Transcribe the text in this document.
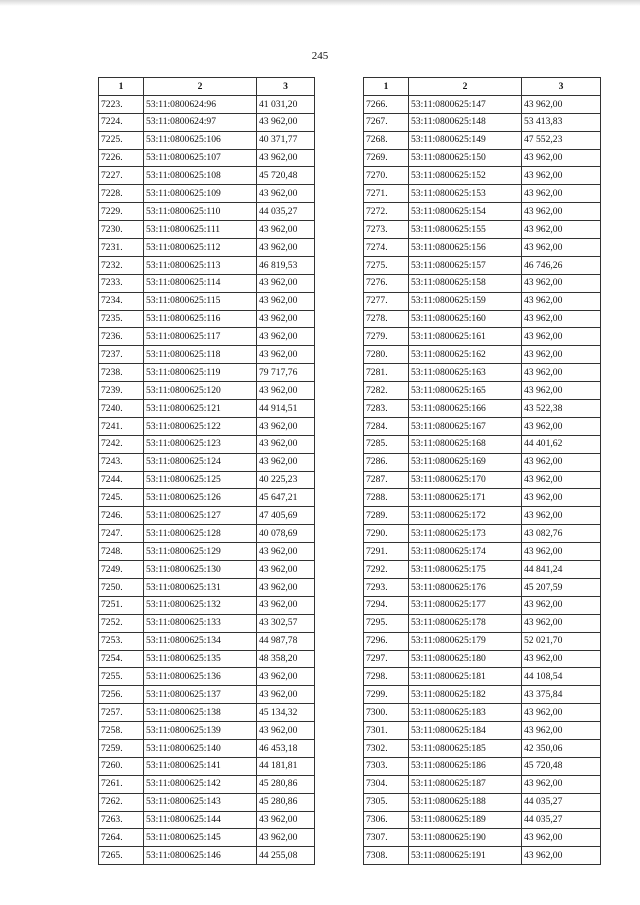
245
1	2	3
7223.	53:11:0800624:96	41 031,20
7224.	53:11:0800624:97	43 962,00
7225.	53:11:0800625:106	40 371,77
7226.	53:11:0800625:107	43 962,00
7227.	53:11:0800625:108	45 720,48
7228.	53:11:0800625:109	43 962,00
7229.	53:11:0800625:110	44 035,27
7230.	53:11:0800625:111	43 962,00
7231.	53:11:0800625:112	43 962,00
7232.	53:11:0800625:113	46 819,53
7233.	53:11:0800625:114	43 962,00
7234.	53:11:0800625:115	43 962,00
7235.	53:11:0800625:116	43 962,00
7236.	53:11:0800625:117	43 962,00
7237.	53:11:0800625:118	43 962,00
7238.	53:11:0800625:119	79 717,76
7239.	53:11:0800625:120	43 962,00
7240.	53:11:0800625:121	44 914,51
7241.	53:11:0800625:122	43 962,00
7242.	53:11:0800625:123	43 962,00
7243.	53:11:0800625:124	43 962,00
7244.	53:11:0800625:125	40 225,23
7245.	53:11:0800625:126	45 647,21
7246.	53:11:0800625:127	47 405,69
7247.	53:11:0800625:128	40 078,69
7248.	53:11:0800625:129	43 962,00
7249.	53:11:0800625:130	43 962,00
7250.	53:11:0800625:131	43 962,00
7251.	53:11:0800625:132	43 962,00
7252.	53:11:0800625:133	43 302,57
7253.	53:11:0800625:134	44 987,78
7254.	53:11:0800625:135	48 358,20
7255.	53:11:0800625:136	43 962,00
7256.	53:11:0800625:137	43 962,00
7257.	53:11:0800625:138	45 134,32
7258.	53:11:0800625:139	43 962,00
7259.	53:11:0800625:140	46 453,18
7260.	53:11:0800625:141	44 181,81
7261.	53:11:0800625:142	45 280,86
7262.	53:11:0800625:143	45 280,86
7263.	53:11:0800625:144	43 962,00
7264.	53:11:0800625:145	43 962,00
7265.	53:11:0800625:146	44 255,08
1	2	3
7266.	53:11:0800625:147	43 962,00
7267.	53:11:0800625:148	53 413,83
7268.	53:11:0800625:149	47 552,23
7269.	53:11:0800625:150	43 962,00
7270.	53:11:0800625:152	43 962,00
7271.	53:11:0800625:153	43 962,00
7272.	53:11:0800625:154	43 962,00
7273.	53:11:0800625:155	43 962,00
7274.	53:11:0800625:156	43 962,00
7275.	53:11:0800625:157	46 746,26
7276.	53:11:0800625:158	43 962,00
7277.	53:11:0800625:159	43 962,00
7278.	53:11:0800625:160	43 962,00
7279.	53:11:0800625:161	43 962,00
7280.	53:11:0800625:162	43 962,00
7281.	53:11:0800625:163	43 962,00
7282.	53:11:0800625:165	43 962,00
7283.	53:11:0800625:166	43 522,38
7284.	53:11:0800625:167	43 962,00
7285.	53:11:0800625:168	44 401,62
7286.	53:11:0800625:169	43 962,00
7287.	53:11:0800625:170	43 962,00
7288.	53:11:0800625:171	43 962,00
7289.	53:11:0800625:172	43 962,00
7290.	53:11:0800625:173	43 082,76
7291.	53:11:0800625:174	43 962,00
7292.	53:11:0800625:175	44 841,24
7293.	53:11:0800625:176	45 207,59
7294.	53:11:0800625:177	43 962,00
7295.	53:11:0800625:178	43 962,00
7296.	53:11:0800625:179	52 021,70
7297.	53:11:0800625:180	43 962,00
7298.	53:11:0800625:181	44 108,54
7299.	53:11:0800625:182	43 375,84
7300.	53:11:0800625:183	43 962,00
7301.	53:11:0800625:184	43 962,00
7302.	53:11:0800625:185	42 350,06
7303.	53:11:0800625:186	45 720,48
7304.	53:11:0800625:187	43 962,00
7305.	53:11:0800625:188	44 035,27
7306.	53:11:0800625:189	44 035,27
7307.	53:11:0800625:190	43 962,00
7308.	53:11:0800625:191	43 962,00
